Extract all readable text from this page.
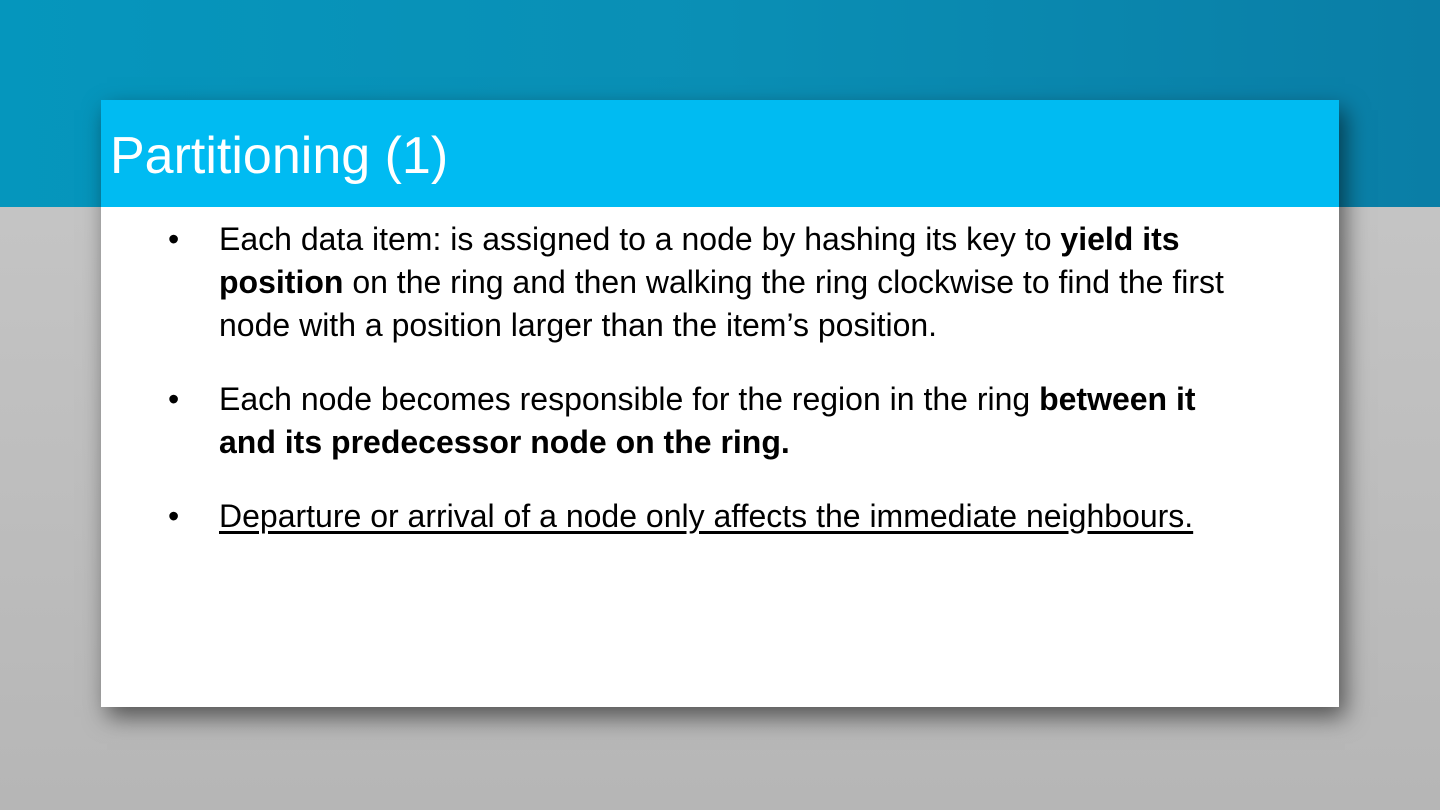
Partitioning (1)
• Each data item: is assigned to a node by hashing its key to yield its position on the ring and then walking the ring clockwise to find the first node with a position larger than the item’s position.
• Each node becomes responsible for the region in the ring between it and its predecessor node on the ring.
• Departure or arrival of a node only affects the immediate neighbours.
